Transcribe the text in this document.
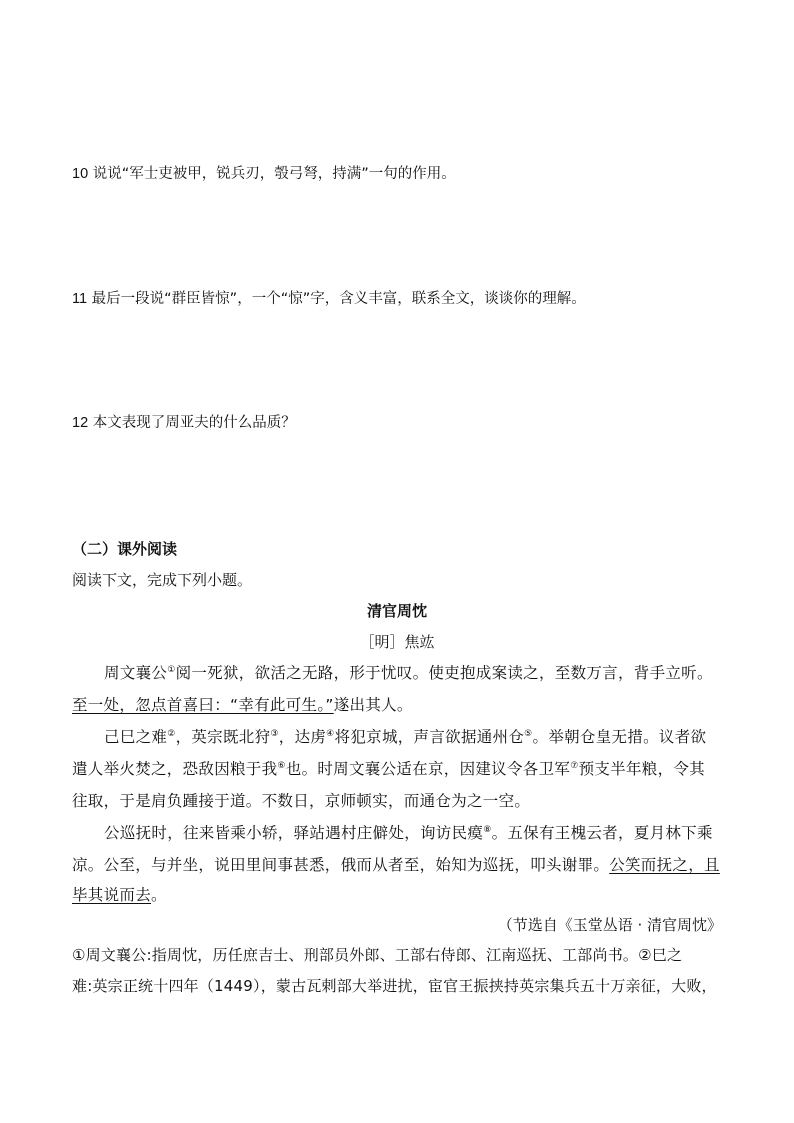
10 说说“军士吏被甲，锐兵刃，彀弓弩，持满”一句的作用。
11 最后一段说“群臣皆惊”，一个“惊”字，含义丰富，联系全文，谈谈你的理解。
12 本文表现了周亚夫的什么品质？
（二）课外阅读
阅读下文，完成下列小题。
清官周忱
［明］焦竑
周文襄公①阅一死狱，欲活之无路，形于忧叹。使吏抱成案读之，至数万言，背手立听。
至一处，忽点首喜曰：“幸有此可生。”遂出其人。
己巳之难②，英宗既北狩③，达虏④将犯京城，声言欲据通州仓⑤。举朝仓皇无措。议者欲
遣人举火焚之，恐敌因粮于我⑥也。时周文襄公适在京，因建议令各卫军⑦预支半年粮，令其
往取，于是肩负踵接于道。不数日，京师顿实，而通仓为之一空。
公巡抚时，往来皆乘小轿，驿站遇村庄僻处，询访民瘼⑧。五保有王槐云者，夏月林下乘
凉。公至，与并坐，说田里间事甚悉，俄而从者至，始知为巡抚，叩头谢罪。公笑而抚之，且
毕其说而去。
（节选自《玉堂丛语 · 清官周忱》
①周文襄公:指周忱，历任庶吉士、刑部员外郎、工部右侍郎、江南巡抚、工部尚书。②巳之
难:英宗正统十四年（1449），蒙古瓦剌部大举进扰，宦官王振挟持英宗集兵五十万亲征，大败，
